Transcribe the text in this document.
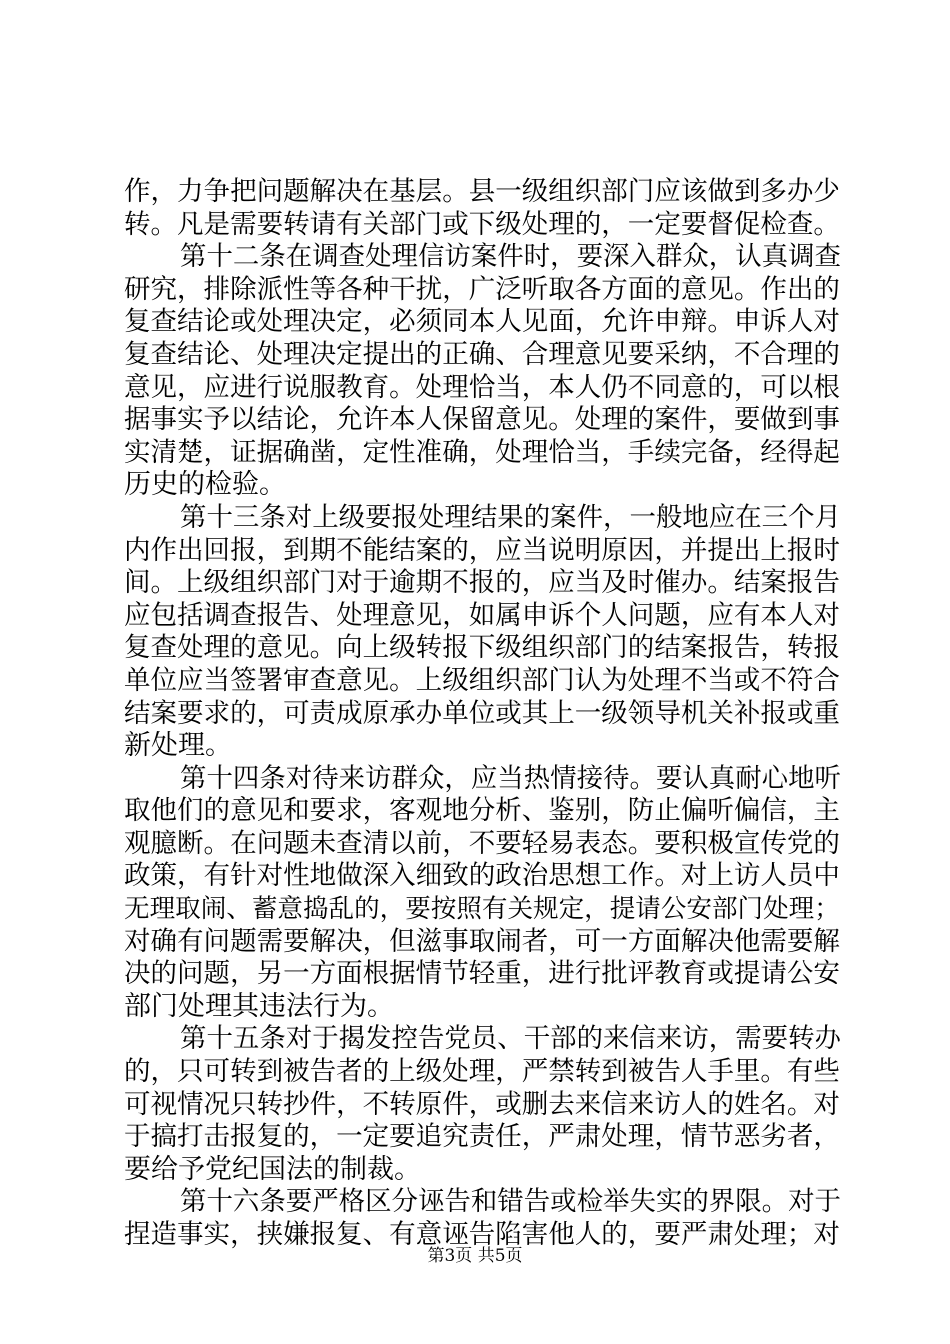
作，力争把问题解决在基层。县一级组织部门应该做到多办少
转。凡是需要转请有关部门或下级处理的，一定要督促检查。
第十二条在调查处理信访案件时，要深入群众，认真调查
研究，排除派性等各种干扰，广泛听取各方面的意见。作出的
复查结论或处理决定，必须同本人见面，允许申辩。申诉人对
复查结论、处理决定提出的正确、合理意见要采纳，不合理的
意见，应进行说服教育。处理恰当，本人仍不同意的，可以根
据事实予以结论，允许本人保留意见。处理的案件，要做到事
实清楚，证据确凿，定性准确，处理恰当，手续完备，经得起
历史的检验。
第十三条对上级要报处理结果的案件，一般地应在三个月
内作出回报，到期不能结案的，应当说明原因，并提出上报时
间。上级组织部门对于逾期不报的，应当及时催办。结案报告
应包括调查报告、处理意见，如属申诉个人问题，应有本人对
复查处理的意见。向上级转报下级组织部门的结案报告，转报
单位应当签署审查意见。上级组织部门认为处理不当或不符合
结案要求的，可责成原承办单位或其上一级领导机关补报或重
新处理。
第十四条对待来访群众，应当热情接待。要认真耐心地听
取他们的意见和要求，客观地分析、鉴别，防止偏听偏信，主
观臆断。在问题未查清以前，不要轻易表态。要积极宣传党的
政策，有针对性地做深入细致的政治思想工作。对上访人员中
无理取闹、蓄意捣乱的，要按照有关规定，提请公安部门处理；
对确有问题需要解决，但滋事取闹者，可一方面解决他需要解
决的问题，另一方面根据情节轻重，进行批评教育或提请公安
部门处理其违法行为。
第十五条对于揭发控告党员、干部的来信来访，需要转办
的，只可转到被告者的上级处理，严禁转到被告人手里。有些
可视情况只转抄件，不转原件，或删去来信来访人的姓名。对
于搞打击报复的，一定要追究责任，严肃处理，情节恶劣者，
要给予党纪国法的制裁。
第十六条要严格区分诬告和错告或检举失实的界限。对于
捏造事实，挟嫌报复、有意诬告陷害他人的，要严肃处理；对
第3页 共5页
